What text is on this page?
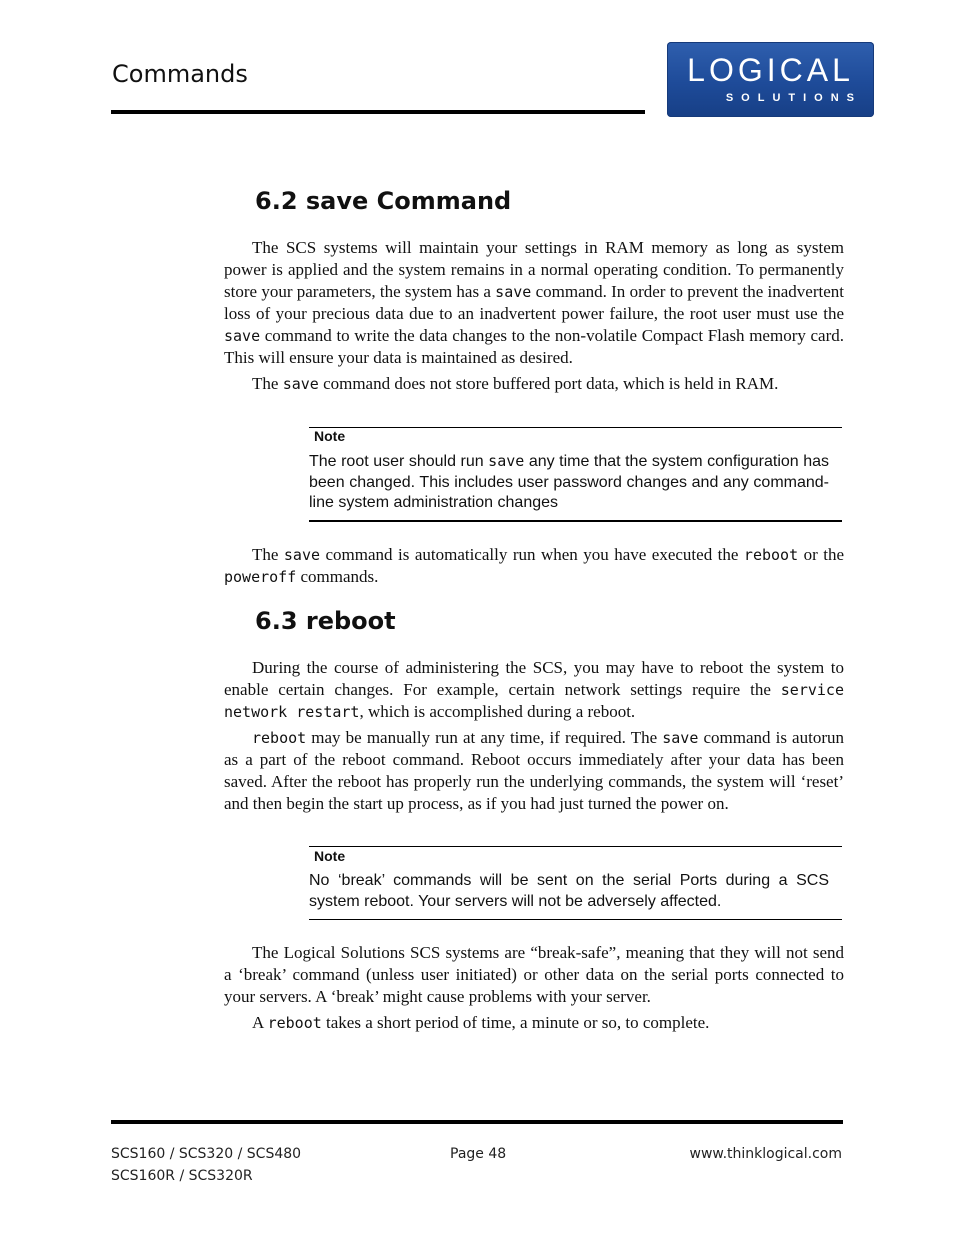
Commands	LOGICAL
SOLUTIONS
6.2 save Command

The SCS systems will maintain your settings in RAM memory as long as system power is applied and the system remains in a normal operating condition. To permanently store your parameters, the system has a save command. In order to prevent the inadvertent loss of your precious data due to an inadvertent power failure, the root user must use the save command to write the data changes to the non-volatile Compact Flash memory card. This will ensure your data is maintained as desired.

The save command does not store buffered port data, which is held in RAM.

Note

The root user should run save any time that the system configuration has been changed. This includes user password changes and any command-line system administration changes

The save command is automatically run when you have executed the reboot or the poweroff commands.

6.3 reboot

During the course of administering the SCS, you may have to reboot the system to enable certain changes. For example, certain network settings require the service network restart, which is accomplished during a reboot.

reboot may be manually run at any time, if required. The save command is autorun as a part of the reboot command. Reboot occurs immediately after your data has been saved. After the reboot has properly run the underlying commands, the system will ‘reset’ and then begin the start up process, as if you had just turned the power on.

Note

No ‘break’ commands will be sent on the serial Ports during a SCS system reboot. Your servers will not be adversely affected.

The Logical Solutions SCS systems are “break-safe”, meaning that they will not send a ‘break’ command (unless user initiated) or other data on the serial ports connected to your servers. A ‘break’ might cause problems with your server.

A reboot takes a short period of time, a minute or so, to complete.

SCS160 / SCS320 / SCS480
SCS160R / SCS320R
Page 48	www.thinklogical.com
